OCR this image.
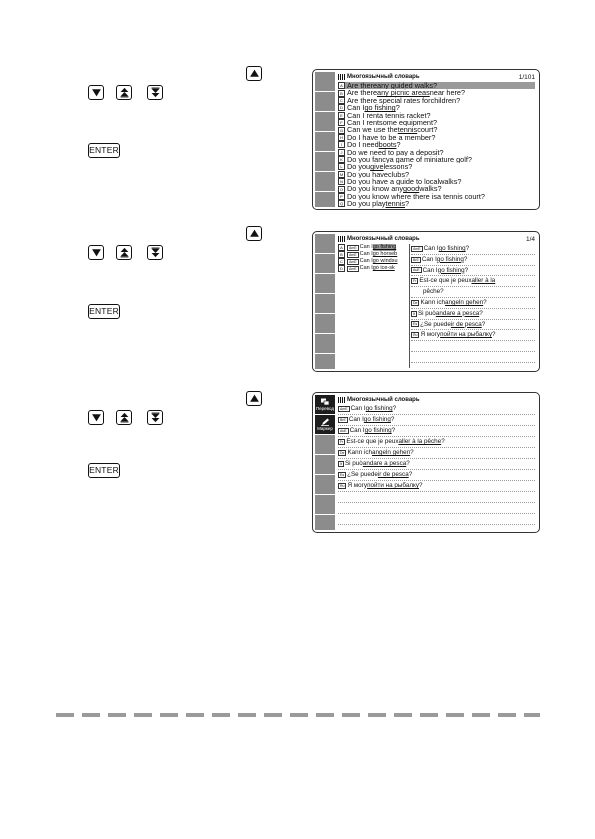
ENTER
Многоязычный словарь	1/101
A Are there any guided walks ?
B Are there any picnic areas near here?
C Are there special rates for children ?
D Can I go fishing ?
E Can I rent a tennis racket ?
F Can I rent some equipment ?
G Can we use the tennis court?
H Do I have to be a member?
I Do I need boots ?
J Do we need to pay a deposit?
K Do you fancy a game of miniature golf ?
L Do you give lessons?
M Do you have clubs ?
N Do you have a guide to local walks ?
O Do you know any good walks?
P Do you know where there is a tennis court ?
Q Do you play tennis ?
ENTER
Многоязычный словарь	1/4
A	AmE Can I go fishing
B	AmE Can I go horseb
C	AmE Can I go windsu
D	AmE Can I go ice-sk
AmE Can I go fishing ?
BrE Can I go fishing ?
AuE Can I go fishing ?
Fr Est-ce que je peux aller à la
pêche ?
De Kann ich angeln gehen ?
It Si può andare a pesca ?
Es ¿Se puede ir de pesca ?
Ru Я могу пойти на рыбалку ?
ENTER
Перевод
Маркер
Многоязычный словарь
AmE Can I go fishing ?
BrE Can I go fishing ?
AuE Can I go fishing ?
Fr Est-ce que je peux aller à la pêche ?
De Kann ich angeln gehen ?
It Si può andare a pesca ?
Es ¿Se puede ir de pesca ?
Ru Я могу пойти на рыбалку ?
